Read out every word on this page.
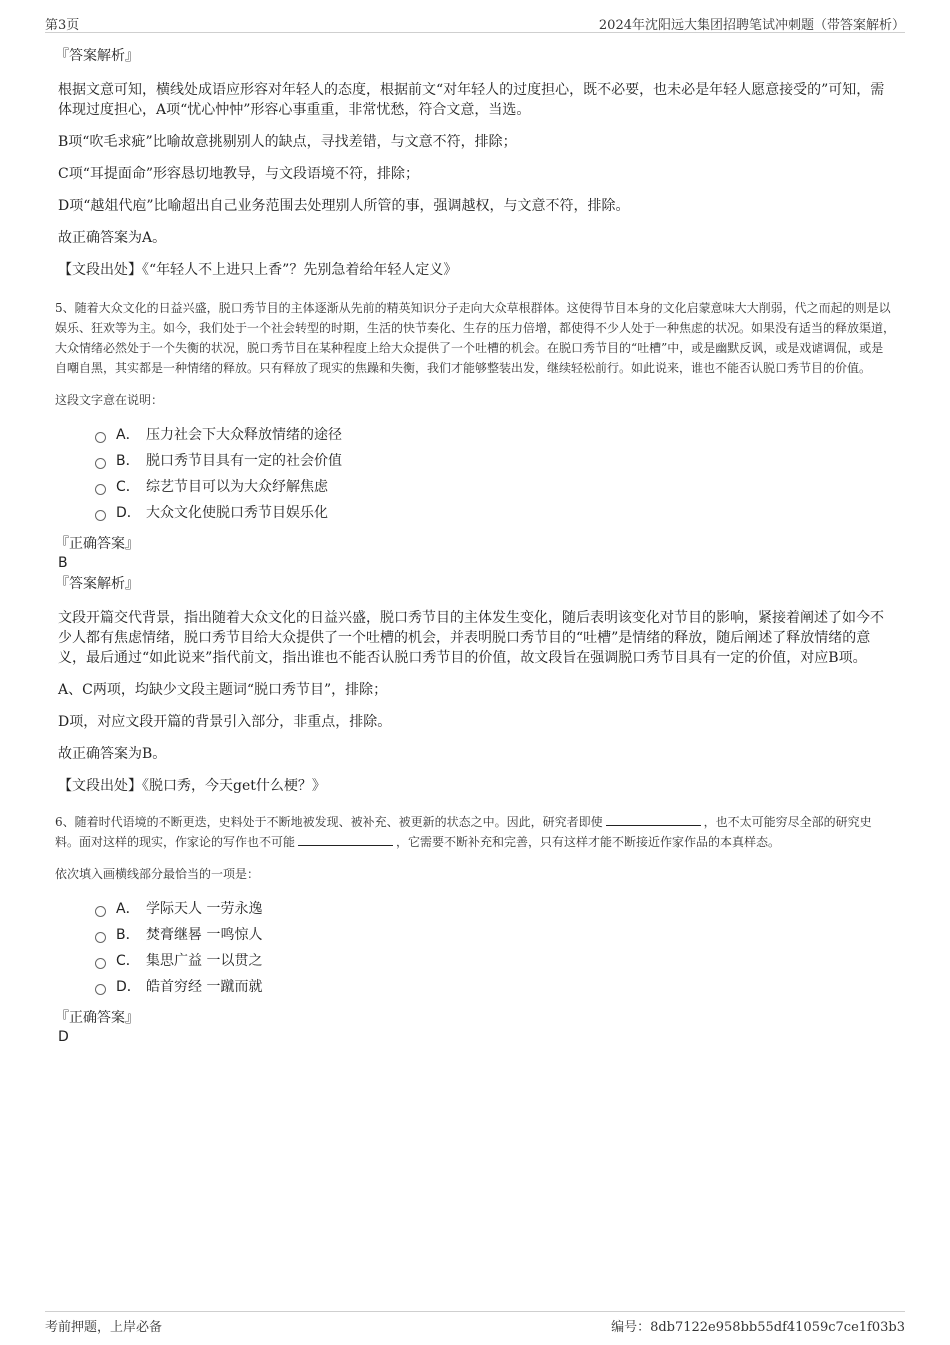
第3页	2024年沈阳远大集团招聘笔试冲刺题（带答案解析）

『答案解析』

根据文意可知，横线处成语应形容对年轻人的态度，根据前文“对年轻人的过度担心，既不必要，也未必是年轻人愿意接受的”可知，需体现过度担心，A项“忧心忡忡”形容心事重重，非常忧愁，符合文意，当选。

B项“吹毛求疵”比喻故意挑剔别人的缺点，寻找差错，与文意不符，排除；

C项“耳提面命”形容恳切地教导，与文段语境不符，排除；

D项“越俎代庖”比喻超出自己业务范围去处理别人所管的事，强调越权，与文意不符，排除。

故正确答案为A。

【文段出处】《“年轻人不上进只上香”？先别急着给年轻人定义》

5、随着大众文化的日益兴盛，脱口秀节目的主体逐渐从先前的精英知识分子走向大众草根群体。这使得节目本身的文化启蒙意味大大削弱，代之而起的则是以娱乐、狂欢等为主。如今，我们处于一个社会转型的时期，生活的快节奏化、生存的压力倍增，都使得不少人处于一种焦虑的状况。如果没有适当的释放渠道，大众情绪必然处于一个失衡的状况，脱口秀节目在某种程度上给大众提供了一个吐槽的机会。在脱口秀节目的“吐槽”中，或是幽默反讽，或是戏谑调侃，或是自嘲自黑，其实都是一种情绪的释放。只有释放了现实的焦躁和失衡，我们才能够整装出发，继续轻松前行。如此说来，谁也不能否认脱口秀节目的价值。

这段文字意在说明：

A． 压力社会下大众释放情绪的途径
B． 脱口秀节目具有一定的社会价值
C． 综艺节目可以为大众纾解焦虑
D． 大众文化使脱口秀节目娱乐化

『正确答案』

B

『答案解析』

文段开篇交代背景，指出随着大众文化的日益兴盛，脱口秀节目的主体发生变化，随后表明该变化对节目的影响，紧接着阐述了如今不少人都有焦虑情绪，脱口秀节目给大众提供了一个吐槽的机会，并表明脱口秀节目的“吐槽”是情绪的释放，随后阐述了释放情绪的意义，最后通过“如此说来”指代前文，指出谁也不能否认脱口秀节目的价值，故文段旨在强调脱口秀节目具有一定的价值，对应B项。

A、C两项，均缺少文段主题词“脱口秀节目”，排除；

D项，对应文段开篇的背景引入部分，非重点，排除。

故正确答案为B。

【文段出处】《脱口秀，今天get什么梗？》

6、随着时代语境的不断更迭，史料处于不断地被发现、被补充、被更新的状态之中。因此，研究者即使	，也不太可能穷尽全部的研究史料。面对这样的现实，作家论的写作也不可能	，它需要不断补充和完善，只有这样才能不断接近作家作品的本真样态。

依次填入画横线部分最恰当的一项是：

A． 学际天人 一劳永逸
B． 焚膏继晷 一鸣惊人
C． 集思广益 一以贯之
D． 皓首穷经 一蹴而就

『正确答案』

D

考前押题，上岸必备	编号：8db7122e958bb55df41059c7ce1f03b3
